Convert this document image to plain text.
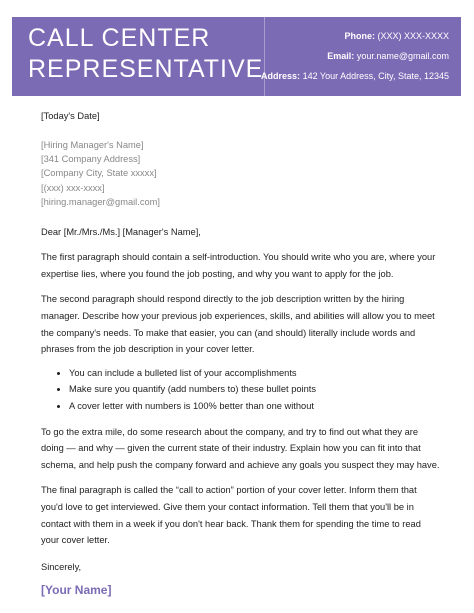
CALL CENTER
REPRESENTATIVE
Phone: (XXX) XXX-XXXX
Email: your.name@gmail.com
Address: 142 Your Address, City, State, 12345
[Today's Date]
[Hiring Manager's Name]
[341 Company Address]
[Company City, State xxxxx]
[(xxx) xxx-xxxx]
[hiring.manager@gmail.com]
Dear [Mr./Mrs./Ms.] [Manager's Name],
The first paragraph should contain a self-introduction. You should write who you are, where your expertise lies, where you found the job posting, and why you want to apply for the job.
The second paragraph should respond directly to the job description written by the hiring manager. Describe how your previous job experiences, skills, and abilities will allow you to meet the company's needs. To make that easier, you can (and should) literally include words and phrases from the job description in your cover letter.
• You can include a bulleted list of your accomplishments
• Make sure you quantify (add numbers to) these bullet points
• A cover letter with numbers is 100% better than one without
To go the extra mile, do some research about the company, and try to find out what they are doing — and why — given the current state of their industry. Explain how you can fit into that schema, and help push the company forward and achieve any goals you suspect they may have.
The final paragraph is called the “call to action” portion of your cover letter. Inform them that you'd love to get interviewed. Give them your contact information. Tell them that you'll be in contact with them in a week if you don't hear back. Thank them for spending the time to read your cover letter.
Sincerely,
[Your Name]
